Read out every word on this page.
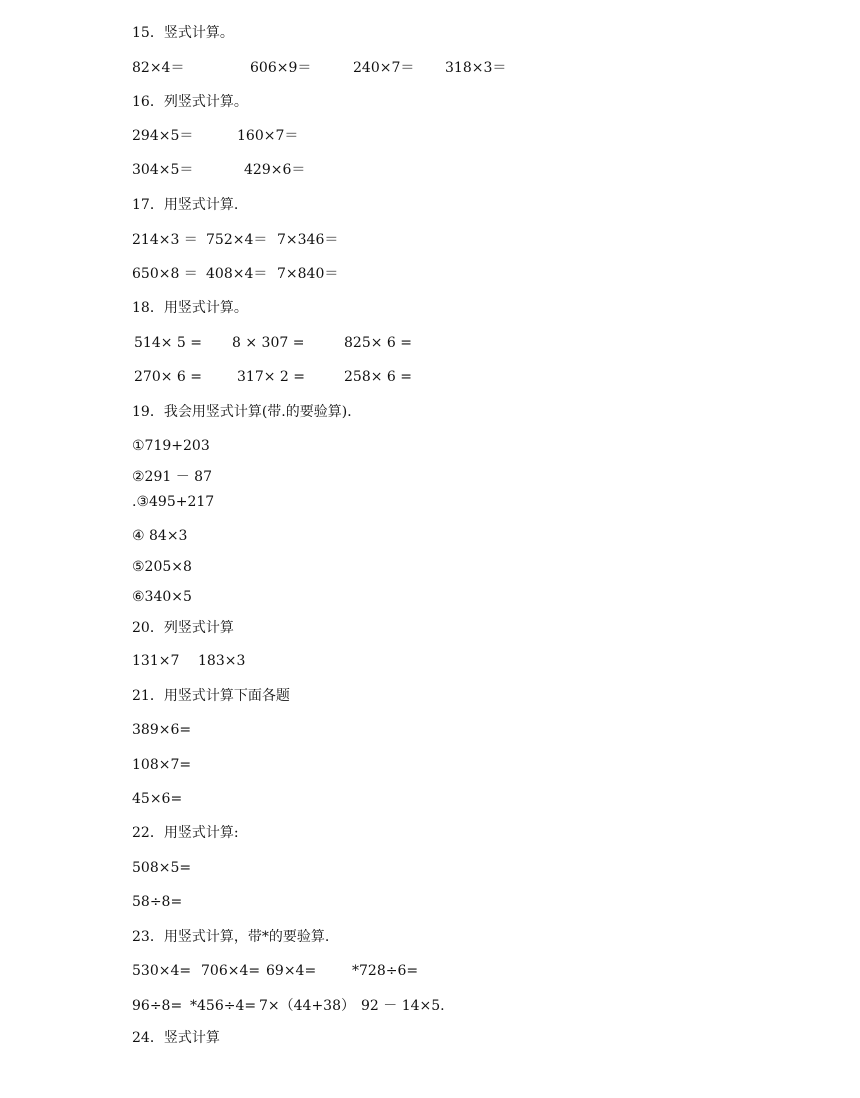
15．竖式计算。
82×4＝	606×9＝	240×7＝ 318×3＝
16．列竖式计算。
294×5＝	160×7＝
304×5＝	429×6＝
17．用竖式计算.
214×3 ＝ 752×4＝ 7×346＝
650×8 ＝ 408×4＝ 7×840＝
18．用竖式计算。
514× 5 = 8 × 307 =	825× 6 =
270× 6 =	317× 2 =	258× 6 =
19．我会用竖式计算(带.的要验算)．
①719+203
②291 － 87
.③495+217
④ 84×3
⑤205×8
⑥340×5
20．列竖式计算
131×7 183×3
21．用竖式计算下面各题
389×6=
108×7=
45×6=
22．用竖式计算:
508×5=
58÷8=
23．用竖式计算，带*的要验算.
530×4= 706×4= 69×4=	*728÷6=
96÷8= *456÷4= 7×（44+38） 92 － 14×5.
24．竖式计算
